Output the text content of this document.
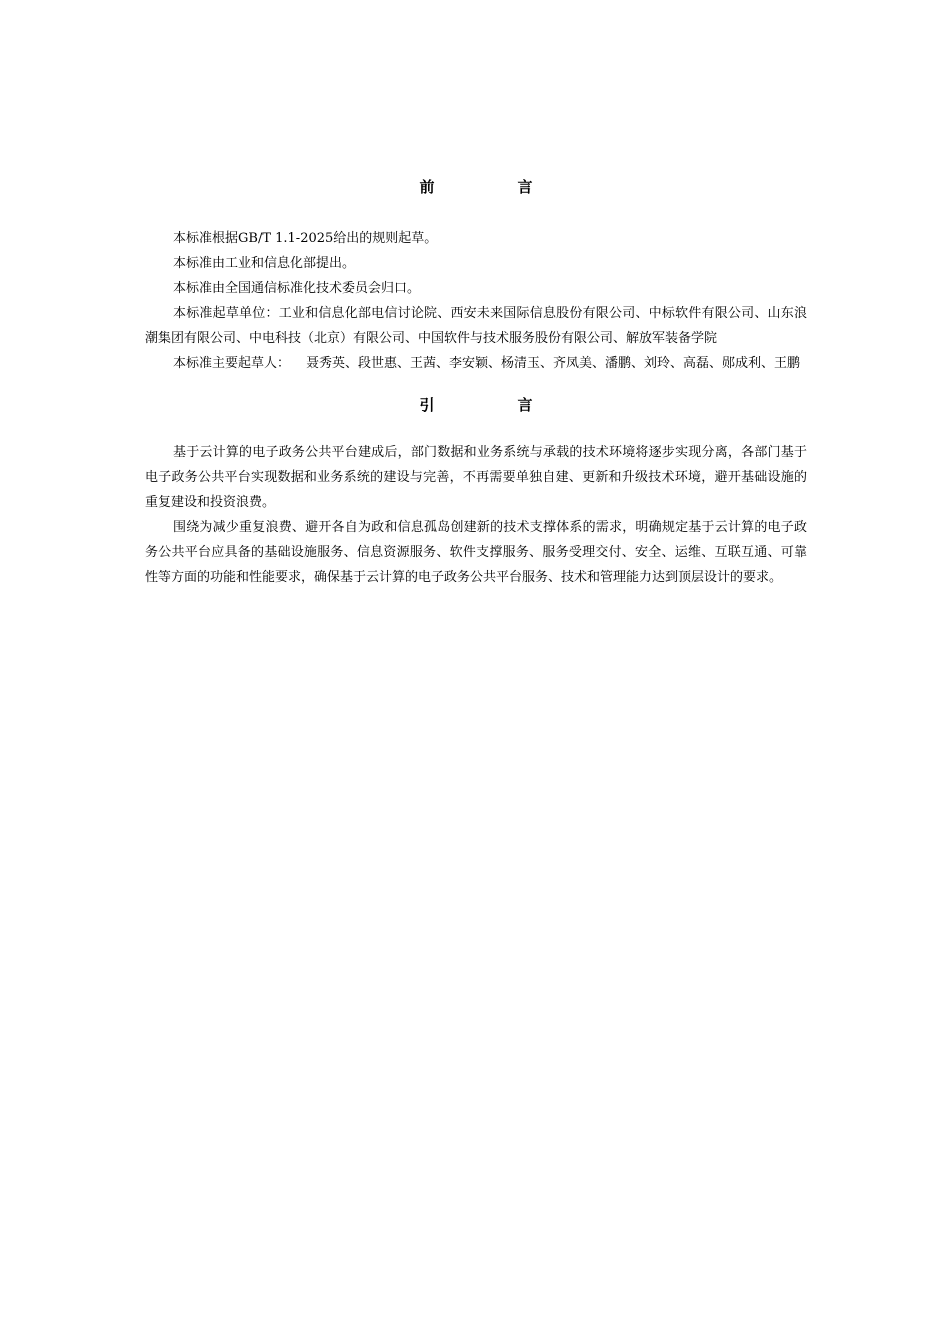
前　言

本标准根据GB/T 1.1-2025给出的规则起草。

本标准由工业和信息化部提出。

本标准由全国通信标准化技术委员会归口。

本标准起草单位：工业和信息化部电信讨论院、西安未来国际信息股份有限公司、中标软件有限公司、山东浪潮集团有限公司、中电科技（北京）有限公司、中国软件与技术服务股份有限公司、解放军装备学院

本标准主要起草人： 聂秀英、段世惠、王茜、李安颖、杨清玉、齐凤美、潘鹏、刘玲、高磊、郧成利、王鹏

引　言

基于云计算的电子政务公共平台建成后，部门数据和业务系统与承载的技术环境将逐步实现分离，各部门基于电子政务公共平台实现数据和业务系统的建设与完善，不再需要单独自建、更新和升级技术环境，避开基础设施的重复建设和投资浪费。

围绕为减少重复浪费、避开各自为政和信息孤岛创建新的技术支撑体系的需求，明确规定基于云计算的电子政务公共平台应具备的基础设施服务、信息资源服务、软件支撑服务、服务受理交付、安全、运维、互联互通、可靠性等方面的功能和性能要求，确保基于云计算的电子政务公共平台服务、技术和管理能力达到顶层设计的要求。
